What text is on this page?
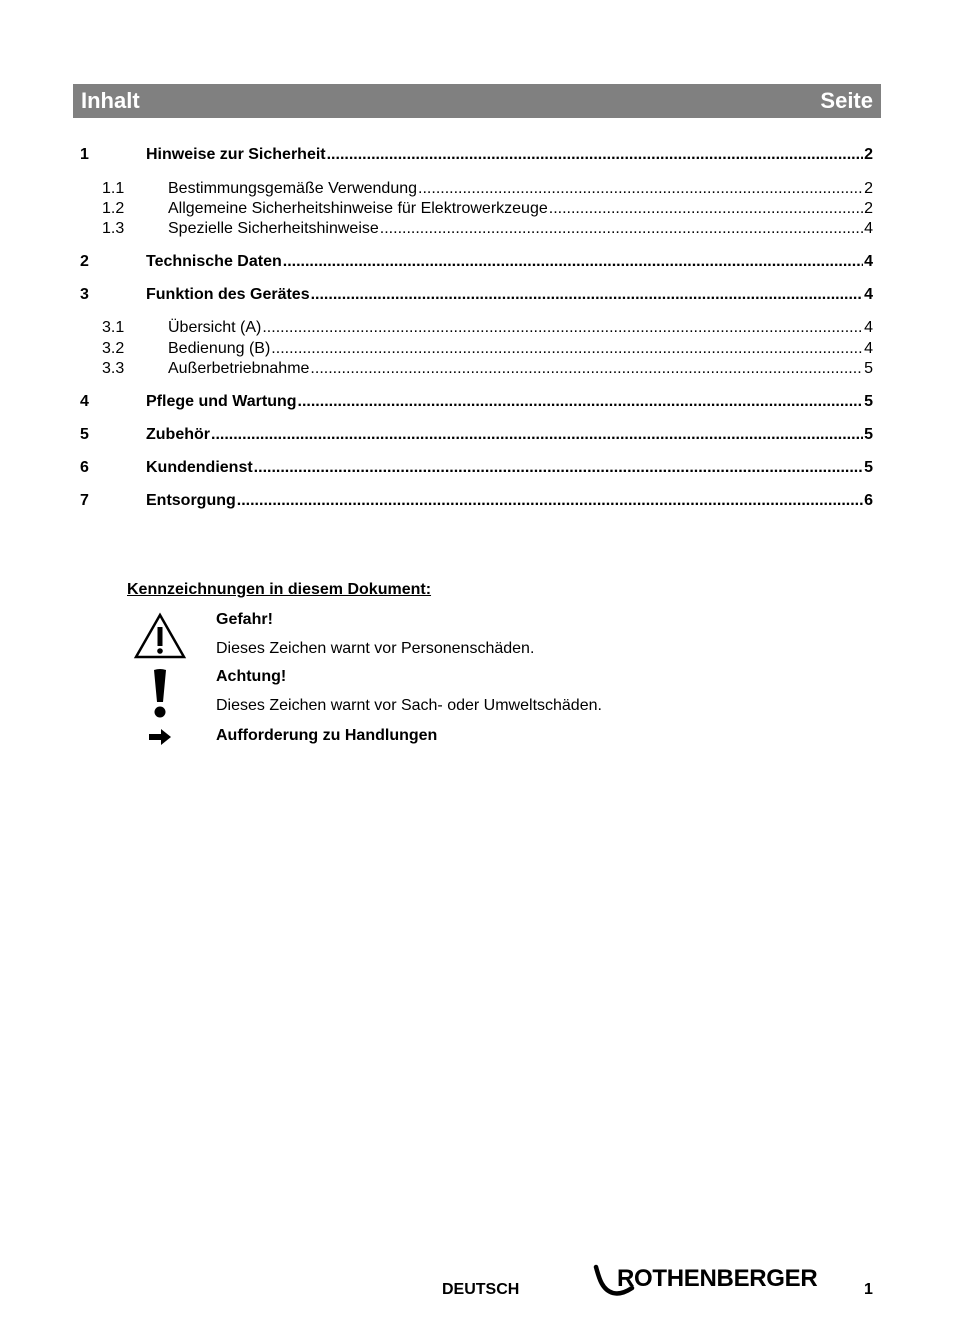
Inhalt	Seite
1	Hinweise zur Sicherheit .....	2
1.1	Bestimmungsgemäße Verwendung .....	2
1.2	Allgemeine Sicherheitshinweise für Elektrowerkzeuge .....	2
1.3	Spezielle Sicherheitshinweise .....	4
2	Technische Daten .....	4
3	Funktion des Gerätes .....	4
3.1	Übersicht (A) .....	4
3.2	Bedienung (B) .....	4
3.3	Außerbetriebnahme .....	5
4	Pflege und Wartung .....	5
5	Zubehör .....	5
6	Kundendienst .....	5
7	Entsorgung .....	6
Kennzeichnungen in diesem Dokument:
Gefahr!
Dieses Zeichen warnt vor Personenschäden.
Achtung!
Dieses Zeichen warnt vor Sach- oder Umweltschäden.
Aufforderung zu Handlungen
DEUTSCH	ROTHENBERGER	1
